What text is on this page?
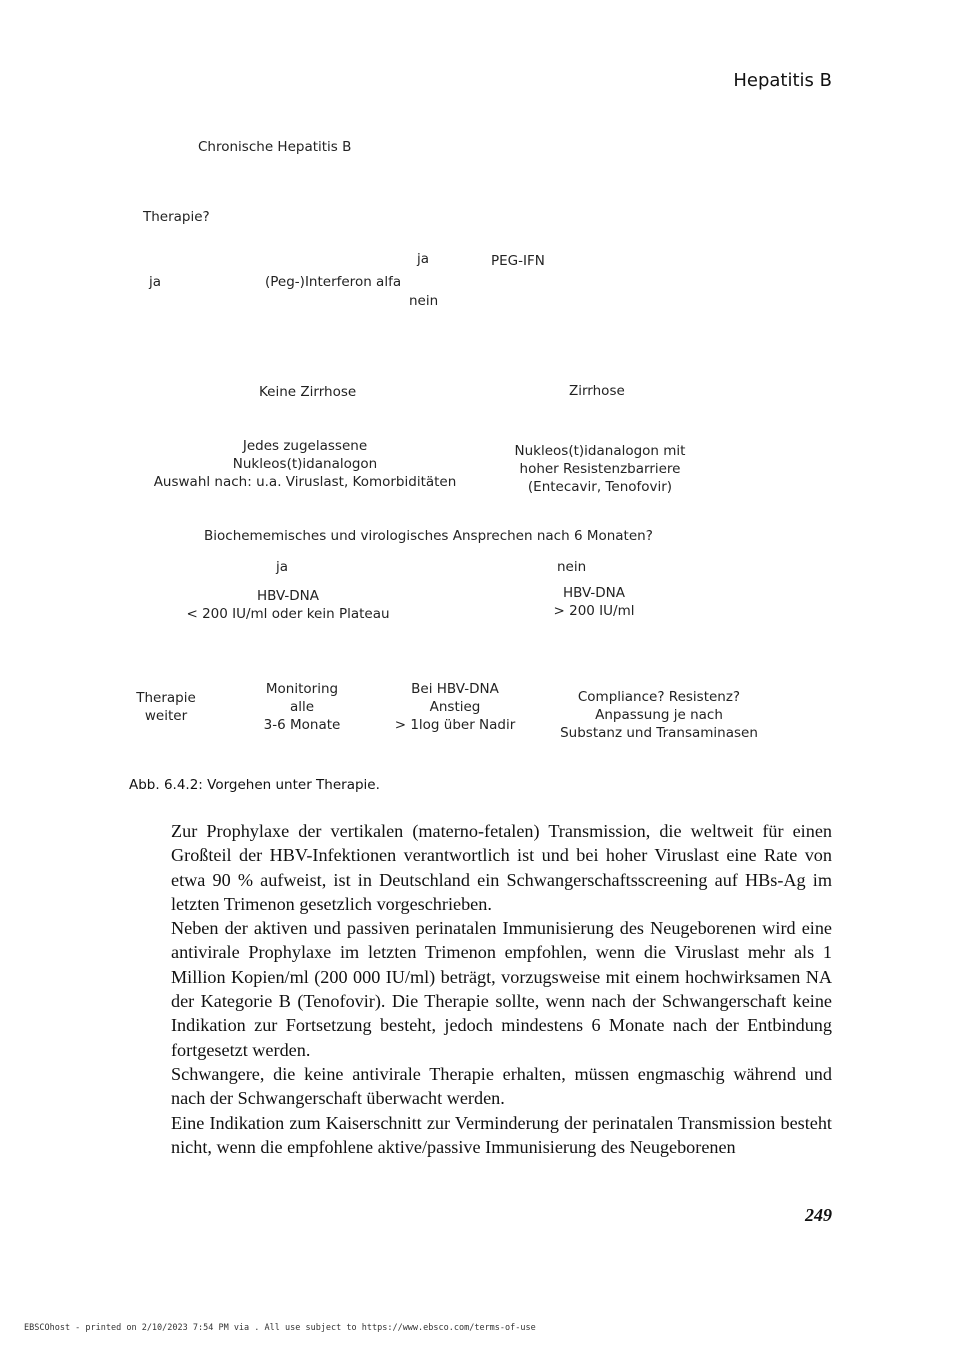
Hepatitis B
Chronische Hepatitis B
Therapie?
ja	(Peg-)Interferon alfa
ja	PEG-IFN
nein
Keine Zirrhose	Zirrhose
Jedes zugelassene
Nukleos(t)idanalogon
Auswahl nach: u.a. Viruslast, Komorbiditäten
Nukleos(t)idanalogon mit
hoher Resistenzbarriere
(Entecavir, Tenofovir)
Biochememisches und virologisches Ansprechen nach 6 Monaten?
ja	nein
HBV-DNA
< 200 IU/ml oder kein Plateau
HBV-DNA
> 200 IU/ml
Therapie
weiter
Monitoring
alle
3-6 Monate
Bei HBV-DNA
Anstieg
> 1log über Nadir
Compliance? Resistenz?
Anpassung je nach
Substanz und Transaminasen
Abb. 6.4.2: Vorgehen unter Therapie.

Zur Prophylaxe der vertikalen (materno-fetalen) Transmission, die weltweit für einen Großteil der HBV-Infektionen verantwortlich ist und bei hoher Viruslast eine Rate von etwa 90 % aufweist, ist in Deutschland ein Schwangerschaftsscreening auf HBs-Ag im letzten Trimenon gesetzlich vorgeschrieben.

Neben der aktiven und passiven perinatalen Immunisierung des Neugeborenen wird eine antivirale Prophylaxe im letzten Trimenon empfohlen, wenn die Viruslast mehr als 1 Million Kopien/ml (200 000 IU/ml) beträgt, vorzugsweise mit einem hochwirksamen NA der Kategorie B (Tenofovir). Die Therapie sollte, wenn nach der Schwangerschaft keine Indikation zur Fortsetzung besteht, jedoch mindestens 6 Monate nach der Entbindung fortgesetzt werden.

Schwangere, die keine antivirale Therapie erhalten, müssen engmaschig während und nach der Schwangerschaft überwacht werden.

Eine Indikation zum Kaiserschnitt zur Verminderung der perinatalen Transmission besteht nicht, wenn die empfohlene aktive/passive Immunisierung des Neugeborenen

249
EBSCOhost - printed on 2/10/2023 7:54 PM via . All use subject to https://www.ebsco.com/terms-of-use
